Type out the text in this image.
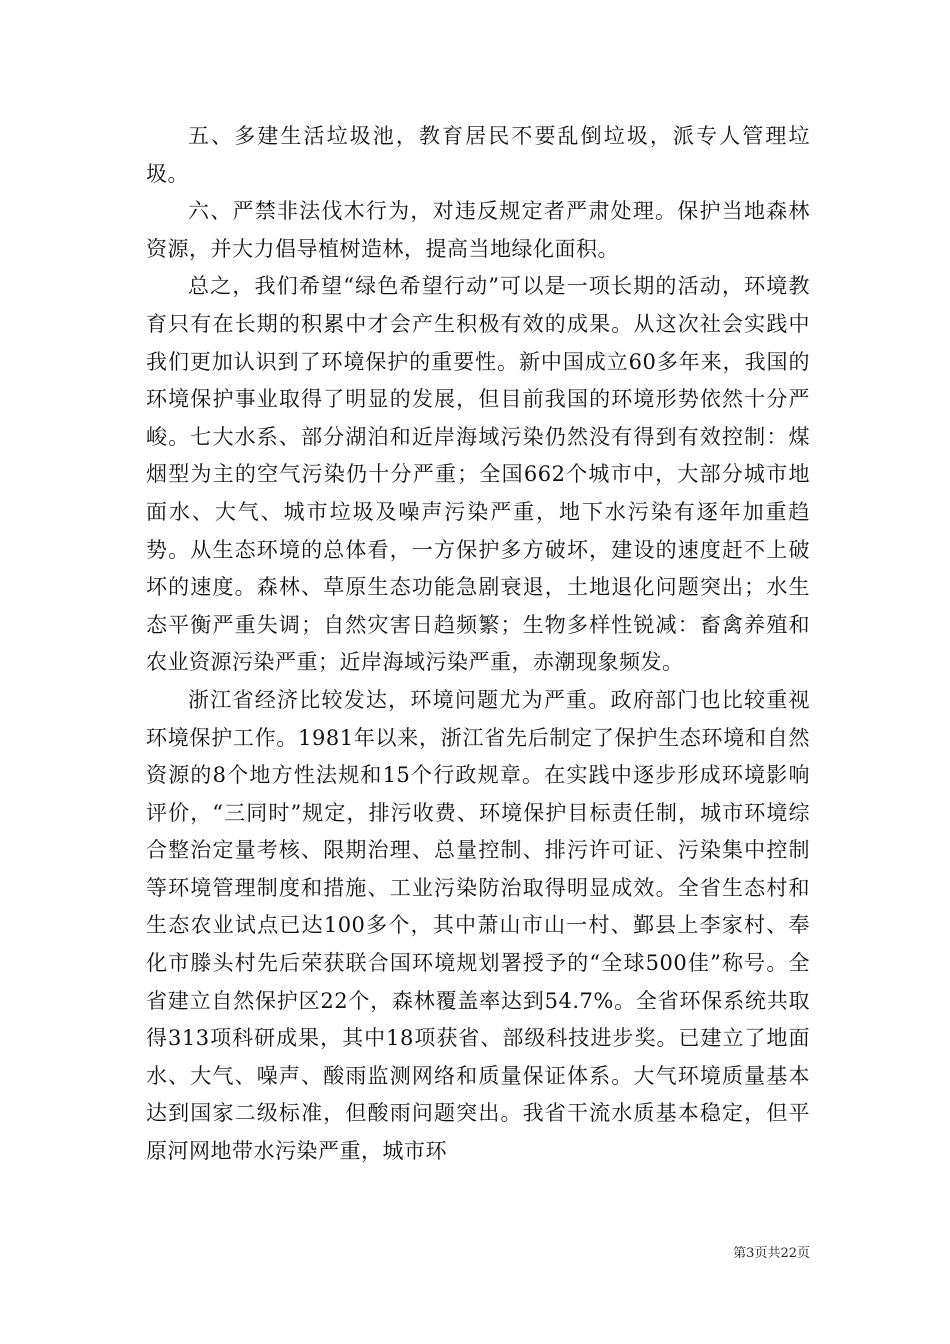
五、多建生活垃圾池，教育居民不要乱倒垃圾，派专人管理垃圾。

六、严禁非法伐木行为，对违反规定者严肃处理。保护当地森林资源，并大力倡导植树造林，提高当地绿化面积。

总之，我们希望“绿色希望行动”可以是一项长期的活动，环境教育只有在长期的积累中才会产生积极有效的成果。从这次社会实践中我们更加认识到了环境保护的重要性。新中国成立60多年来，我国的环境保护事业取得了明显的发展，但目前我国的环境形势依然十分严峻。七大水系、部分湖泊和近岸海域污染仍然没有得到有效控制：煤烟型为主的空气污染仍十分严重；全国662个城市中，大部分城市地面水、大气、城市垃圾及噪声污染严重，地下水污染有逐年加重趋势。从生态环境的总体看，一方保护多方破坏，建设的速度赶不上破坏的速度。森林、草原生态功能急剧衰退，土地退化问题突出；水生态平衡严重失调；自然灾害日趋频繁；生物多样性锐减：畜禽养殖和农业资源污染严重；近岸海域污染严重，赤潮现象频发。

浙江省经济比较发达，环境问题尤为严重。政府部门也比较重视环境保护工作。1981年以来，浙江省先后制定了保护生态环境和自然资源的8个地方性法规和15个行政规章。在实践中逐步形成环境影响评价，“三同时”规定，排污收费、环境保护目标责任制，城市环境综合整治定量考核、限期治理、总量控制、排污许可证、污染集中控制等环境管理制度和措施、工业污染防治取得明显成效。全省生态村和生态农业试点已达100多个，其中萧山市山一村、鄞县上李家村、奉化市滕头村先后荣获联合国环境规划署授予的“全球500佳”称号。全省建立自然保护区22个，森林覆盖率达到54.7%。全省环保系统共取得313项科研成果，其中18项获省、部级科技进步奖。已建立了地面水、大气、噪声、酸雨监测网络和质量保证体系。大气环境质量基本达到国家二级标准，但酸雨问题突出。我省干流水质基本稳定，但平原河网地带水污染严重，城市环

第3页共22页
